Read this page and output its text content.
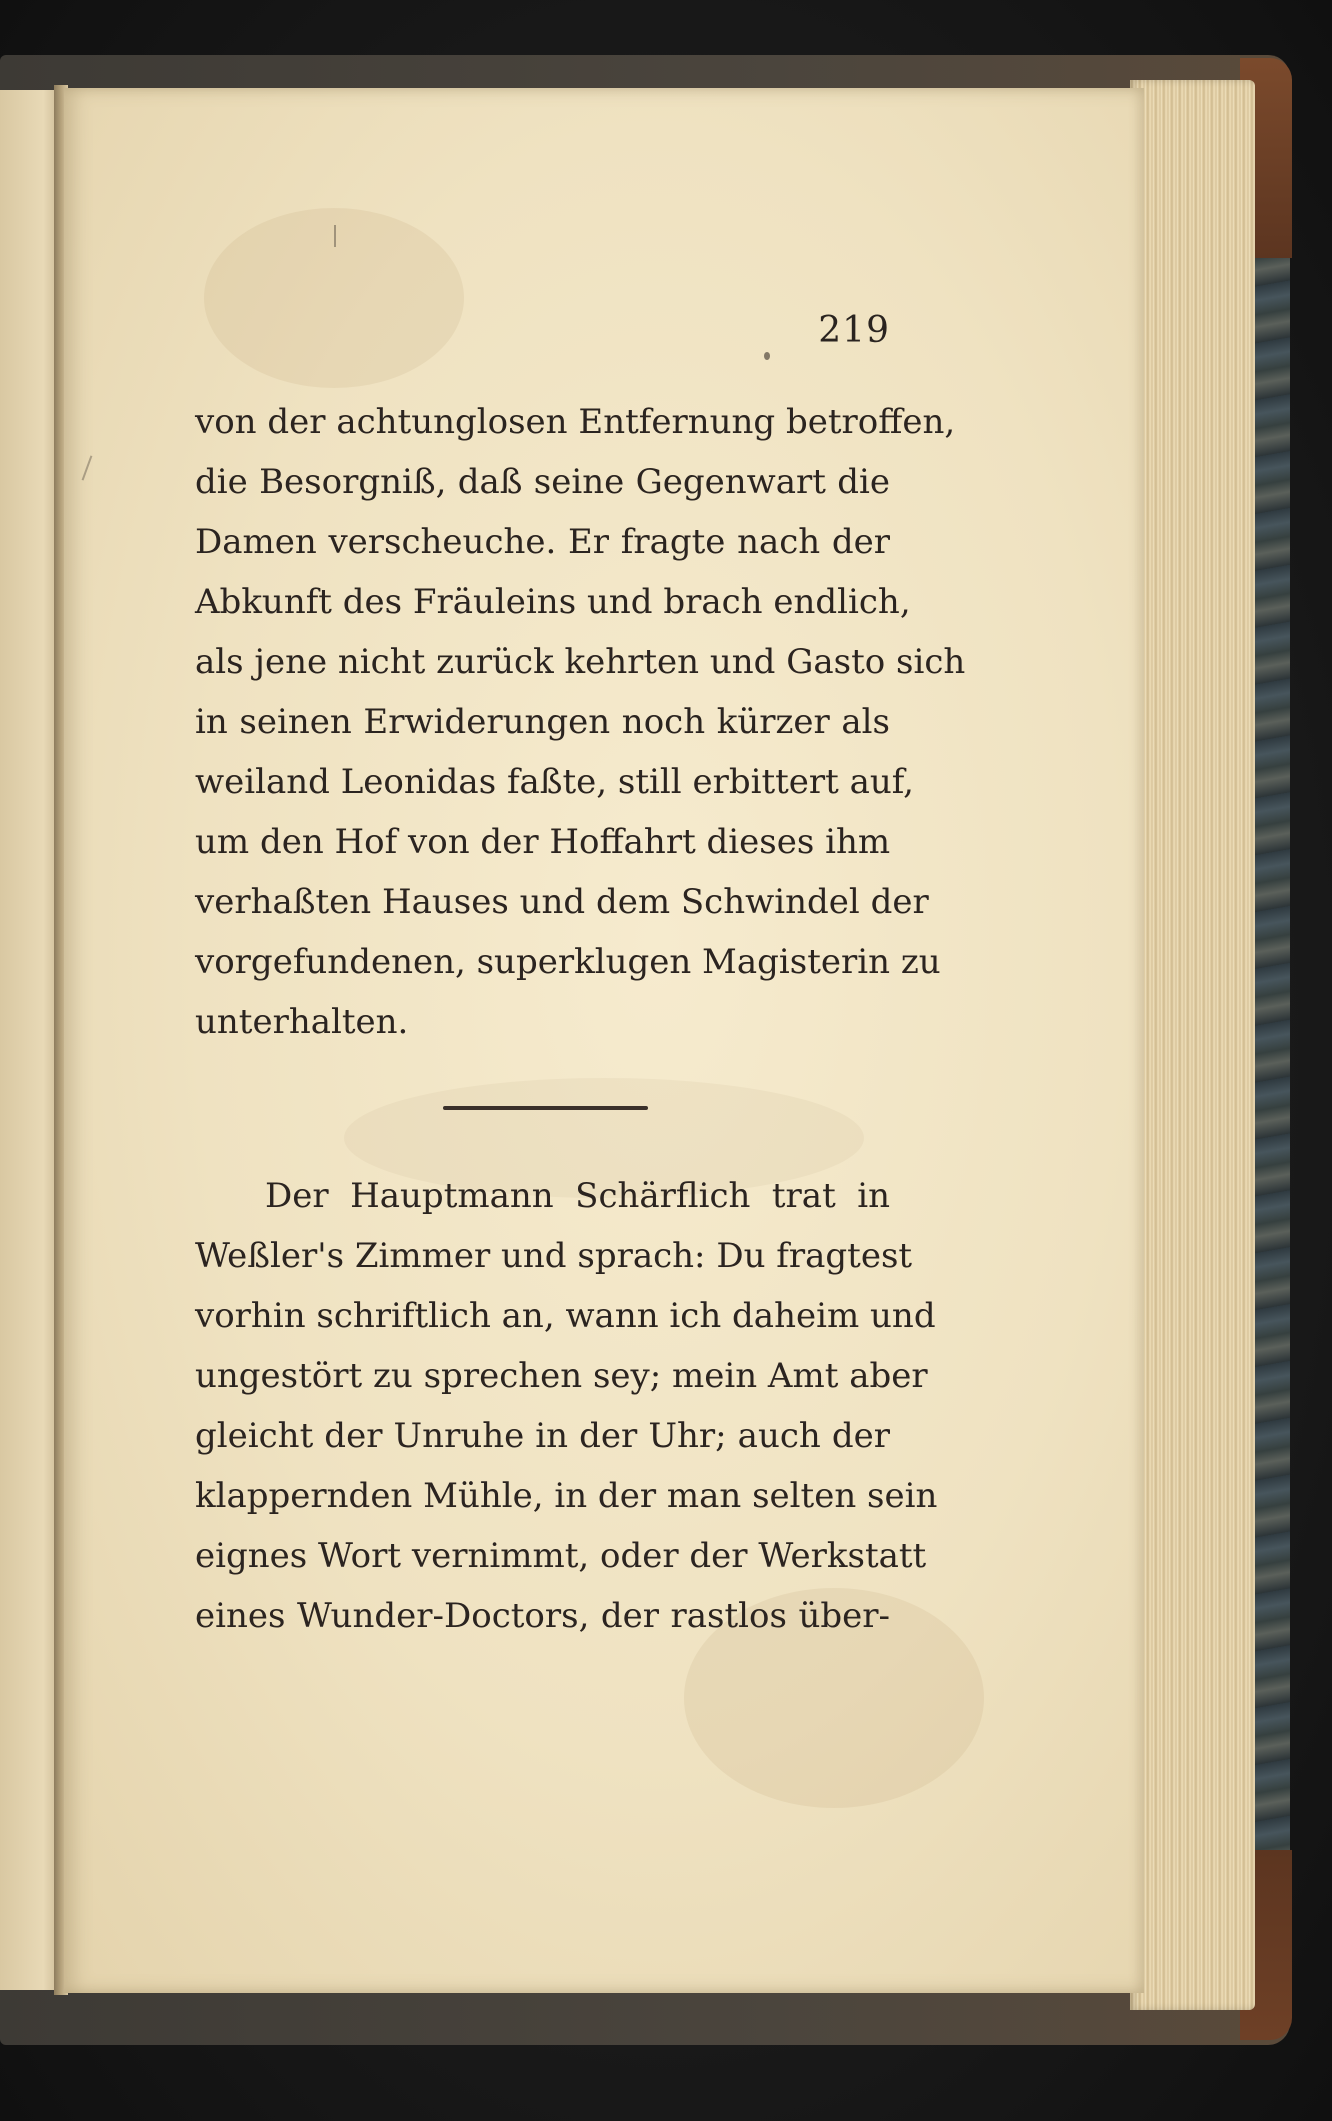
219
von der achtunglosen Entfernung betroffen,
die Besorgniß, daß seine Gegenwart die
Damen verscheuche. Er fragte nach der
Abkunft des Fräuleins und brach endlich,
als jene nicht zurück kehrten und Gasto sich
in seinen Erwiderungen noch kürzer als
weiland Leonidas faßte, still erbittert auf,
um den Hof von der Hoffahrt dieses ihm
verhaßten Hauses und dem Schwindel der
vorgefundenen, superklugen Magisterin zu
unterhalten.
Der Hauptmann Schärflich trat in
Weßler's Zimmer und sprach: Du fragtest
vorhin schriftlich an, wann ich daheim und
ungestört zu sprechen sey; mein Amt aber
gleicht der Unruhe in der Uhr; auch der
klappernden Mühle, in der man selten sein
eignes Wort vernimmt, oder der Werkstatt
eines Wunder-Doctors, der rastlos über-
